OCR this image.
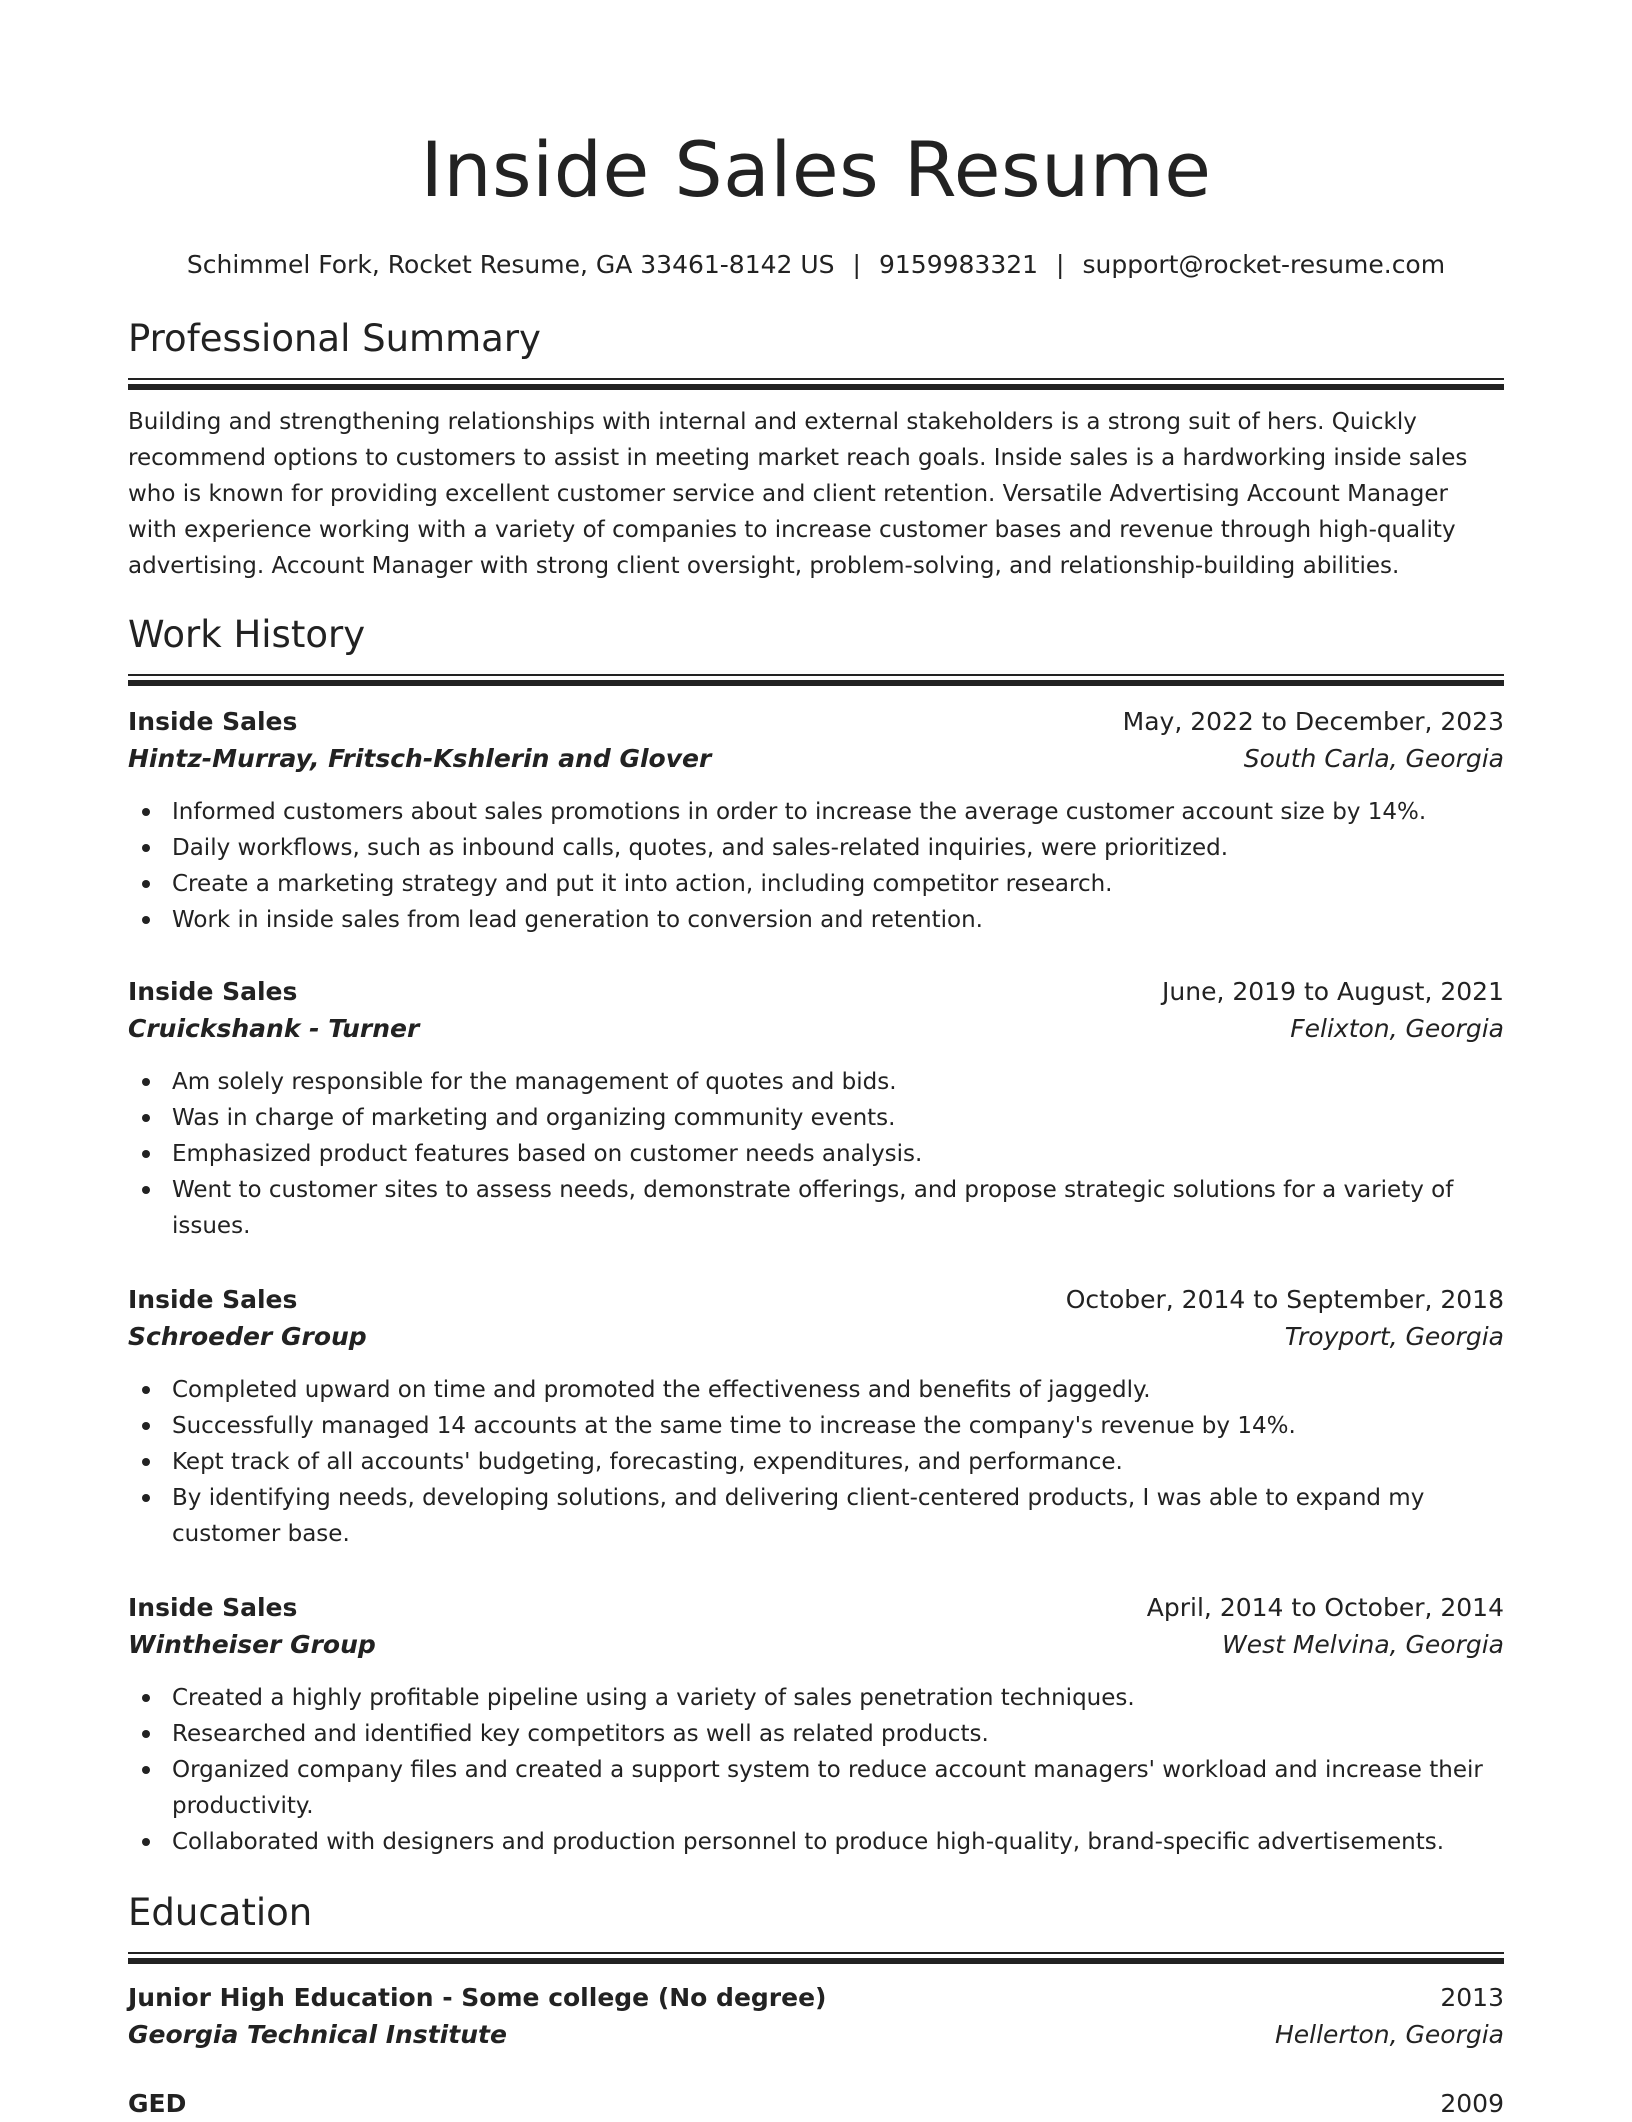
Inside Sales Resume
Schimmel Fork, Rocket Resume, GA 33461-8142 US | 9159983321 | support@rocket-resume.com
Professional Summary

Building and strengthening relationships with internal and external stakeholders is a strong suit of hers. Quickly recommend options to customers to assist in meeting market reach goals. Inside sales is a hardworking inside sales who is known for providing excellent customer service and client retention. Versatile Advertising Account Manager with experience working with a variety of companies to increase customer bases and revenue through high-quality advertising. Account Manager with strong client oversight, problem-solving, and relationship-building abilities.

Work History
Inside Sales	May, 2022 to December, 2023
Hintz-Murray, Fritsch-Kshlerin and Glover	South Carla, Georgia
Informed customers about sales promotions in order to increase the average customer account size by 14%.
Daily workflows, such as inbound calls, quotes, and sales-related inquiries, were prioritized.
Create a marketing strategy and put it into action, including competitor research.
Work in inside sales from lead generation to conversion and retention.
Inside Sales	June, 2019 to August, 2021
Cruickshank - Turner	Felixton, Georgia
Am solely responsible for the management of quotes and bids.
Was in charge of marketing and organizing community events.
Emphasized product features based on customer needs analysis.
Went to customer sites to assess needs, demonstrate offerings, and propose strategic solutions for a variety of issues.
Inside Sales	October, 2014 to September, 2018
Schroeder Group	Troyport, Georgia
Completed upward on time and promoted the effectiveness and benefits of jaggedly.
Successfully managed 14 accounts at the same time to increase the company's revenue by 14%.
Kept track of all accounts' budgeting, forecasting, expenditures, and performance.
By identifying needs, developing solutions, and delivering client-centered products, I was able to expand my customer base.
Inside Sales	April, 2014 to October, 2014
Wintheiser Group	West Melvina, Georgia
Created a highly profitable pipeline using a variety of sales penetration techniques.
Researched and identified key competitors as well as related products.
Organized company files and created a support system to reduce account managers' workload and increase their productivity.
Collaborated with designers and production personnel to produce high-quality, brand-specific advertisements.
Education
Junior High Education - Some college (No degree)	2013
Georgia Technical Institute	Hellerton, Georgia
GED	2009
